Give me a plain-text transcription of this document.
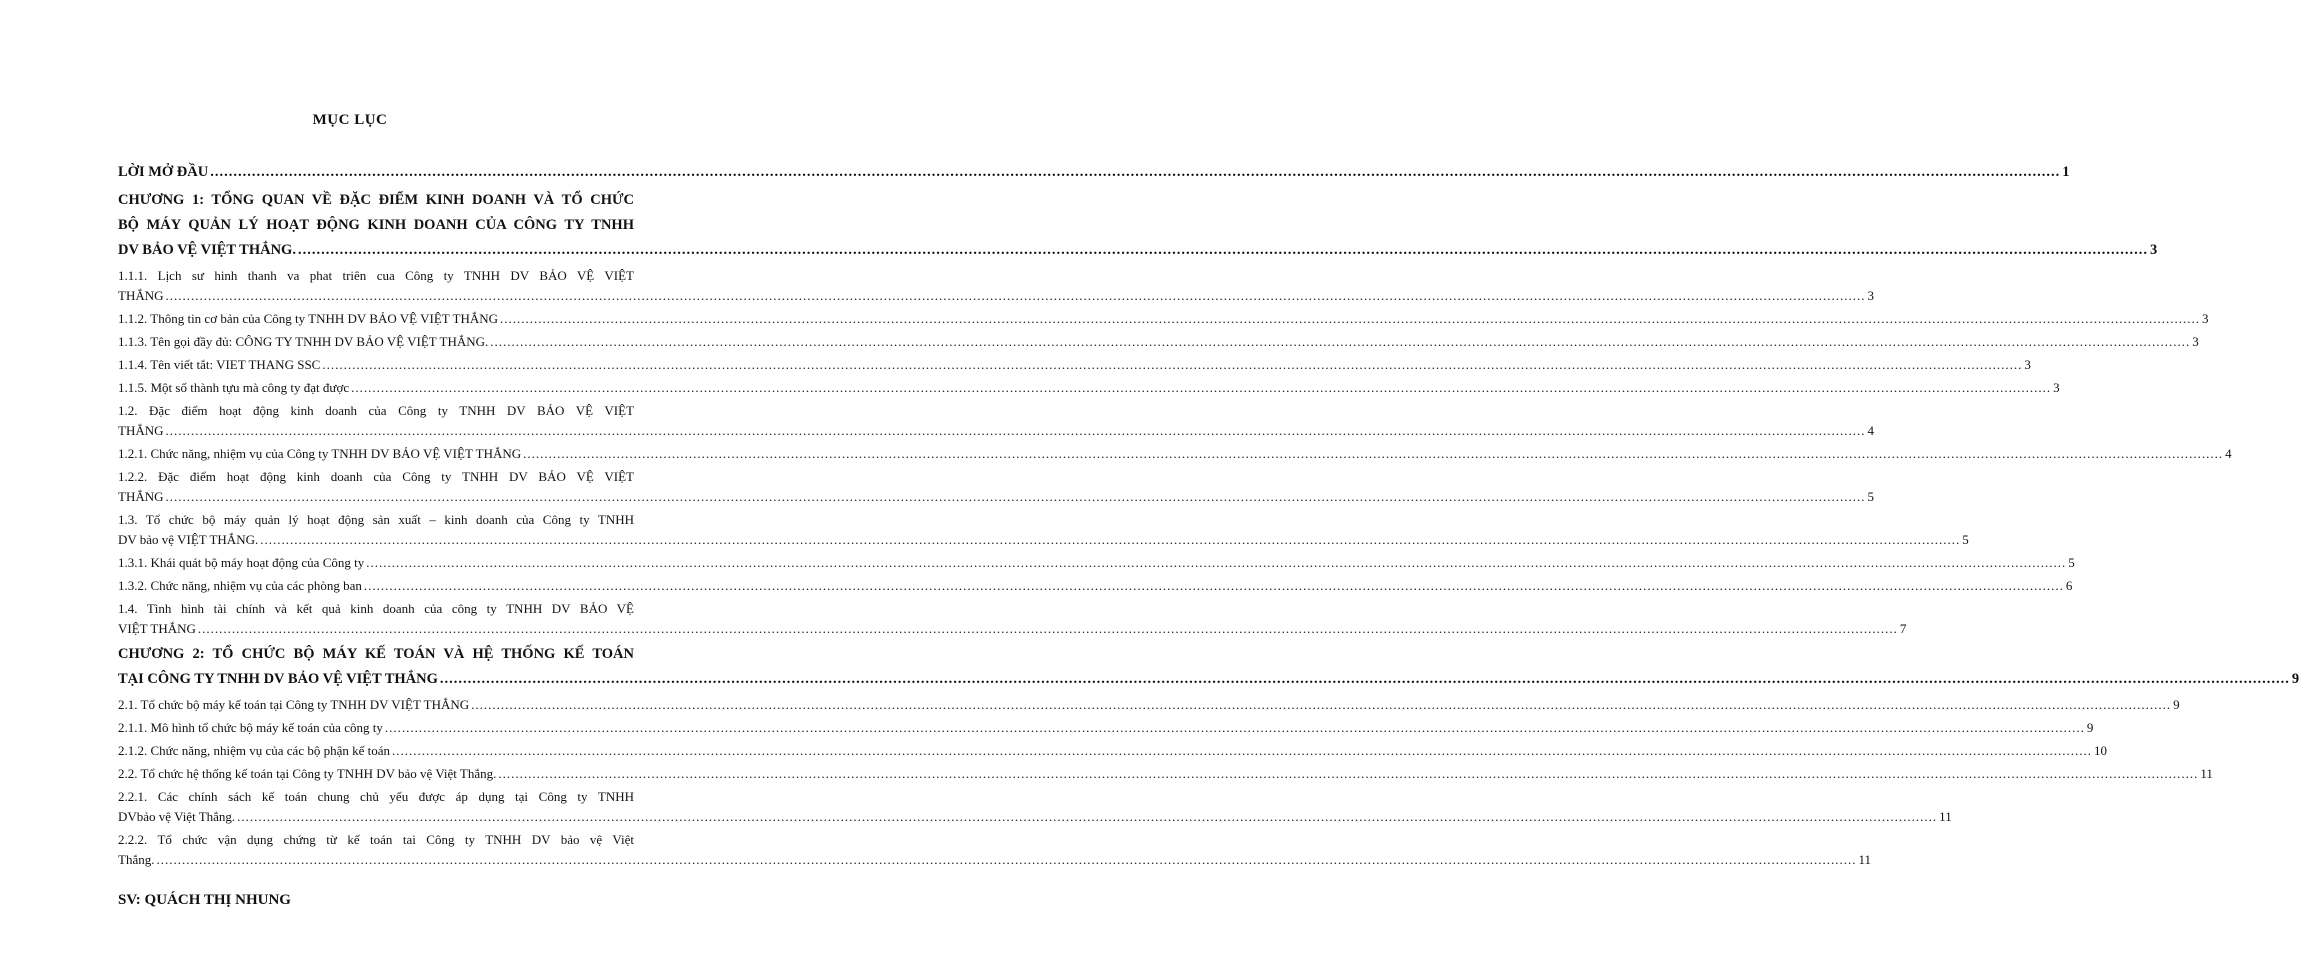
MỤC LỤC
LỜI MỞ ĐẦU ................................................................................................................................................................................................................................................................................................................................................................................................................ 1
CHƯƠNG 1: TỔNG QUAN VỀ ĐẶC ĐIỂM KINH DOANH VÀ TỔ CHỨC
BỘ MÁY QUẢN LÝ HOẠT ĐỘNG KINH DOANH CỦA CÔNG TY TNHH
DV BẢO VỆ VIỆT THẮNG. ................................................................................................................................................................................................................................................................................................................................................................................................................ 3
1.1.1. Lịch sư hinh thanh va phat triên cua Công ty TNHH DV BẢO VỆ VIỆT
THẮNG ................................................................................................................................................................................................................................................................................................................................................................................................................ 3
1.1.2. Thông tin cơ bản của Công ty TNHH DV BẢO VỆ VIỆT THẮNG ................................................................................................................................................................................................................................................................................................................................................................................................................ 3
1.1.3. Tên gọi đầy đủ: CÔNG TY TNHH DV BẢO VỆ VIỆT THẮNG. ................................................................................................................................................................................................................................................................................................................................................................................................................ 3
1.1.4. Tên viết tắt: VIET THANG SSC ................................................................................................................................................................................................................................................................................................................................................................................................................ 3
1.1.5. Một số thành tựu mà công ty đạt được ................................................................................................................................................................................................................................................................................................................................................................................................................ 3
1.2. Đặc điểm hoạt động kinh doanh của Công ty TNHH DV BẢO VỆ VIỆT
THẮNG ................................................................................................................................................................................................................................................................................................................................................................................................................ 4
1.2.1. Chức năng, nhiệm vụ của Công ty TNHH DV BẢO VỆ VIỆT THẮNG ................................................................................................................................................................................................................................................................................................................................................................................................................ 4
1.2.2. Đặc điểm hoạt động kinh doanh của Công ty TNHH DV BẢO VỆ VIỆT
THẮNG ................................................................................................................................................................................................................................................................................................................................................................................................................ 5
1.3. Tổ chức bộ máy quản lý hoạt động sản xuất – kinh doanh của Công ty TNHH
DV bảo vệ VIỆT THẮNG. ................................................................................................................................................................................................................................................................................................................................................................................................................ 5
1.3.1. Khái quát bộ máy hoạt động của Công ty ................................................................................................................................................................................................................................................................................................................................................................................................................ 5
1.3.2. Chức năng, nhiệm vụ của các phòng ban ................................................................................................................................................................................................................................................................................................................................................................................................................ 6
1.4. Tình hình tài chính và kết quả kinh doanh của công ty TNHH DV BẢO VỆ
VIỆT THẮNG ................................................................................................................................................................................................................................................................................................................................................................................................................ 7
CHƯƠNG 2: TỔ CHỨC BỘ MÁY KẾ TOÁN VÀ HỆ THỐNG KẾ TOÁN
TẠI CÔNG TY TNHH DV BẢO VỆ VIỆT THẮNG ................................................................................................................................................................................................................................................................................................................................................................................................................ 9
2.1. Tổ chức bộ máy kế toán tại Công ty TNHH DV VIỆT THẮNG ................................................................................................................................................................................................................................................................................................................................................................................................................ 9
2.1.1. Mô hình tổ chức bộ máy kế toán của công ty ................................................................................................................................................................................................................................................................................................................................................................................................................ 9
2.1.2. Chức năng, nhiệm vụ của các bộ phận kế toán ................................................................................................................................................................................................................................................................................................................................................................................................................ 10
2.2. Tổ chức hệ thống kế toán tại Công ty TNHH DV bảo vệ Việt Thắng. ................................................................................................................................................................................................................................................................................................................................................................................................................ 11
2.2.1. Các chính sách kế toán chung chủ yếu được áp dụng tại Công ty TNHH
DVbảo vệ Việt Thắng. ................................................................................................................................................................................................................................................................................................................................................................................................................ 11
2.2.2. Tổ chức vận dụng chứng từ kế toán tai Công ty TNHH DV bảo vệ Việt
Thắng. ................................................................................................................................................................................................................................................................................................................................................................................................................ 11
SV: QUÁCH THỊ NHUNG
